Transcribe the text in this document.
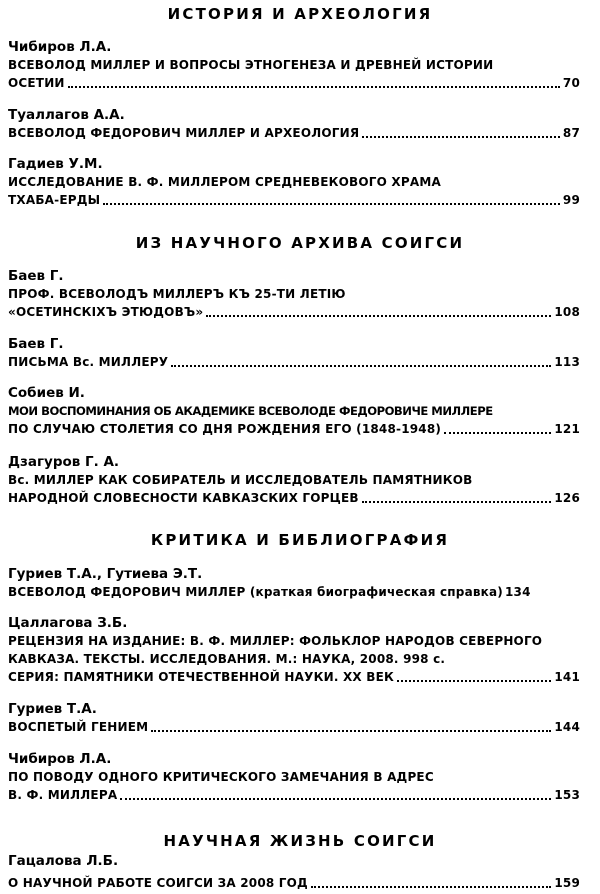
ИСТОРИЯ И АРХЕОЛОГИЯ
Чибиров Л.А.
ВСЕВОЛОД МИЛЛЕР И ВОПРОСЫ ЭТНОГЕНЕЗА И ДРЕВНЕЙ ИСТОРИИ
ОСЕТИИ	70
Туаллагов А.А.
ВСЕВОЛОД ФЕДОРОВИЧ МИЛЛЕР И АРХЕОЛОГИЯ	87
Гадиев У.М.
ИССЛЕДОВАНИЕ В. Ф. МИЛЛЕРОМ СРЕДНЕВЕКОВОГО ХРАМА
ТХАБА-ЕРДЫ	99
ИЗ НАУЧНОГО АРХИВА СОИГСИ
Баев Г.
ПРОФ. ВСЕВОЛОДЪ МИЛЛЕРЪ КЪ 25-ТИ ЛЕТIЮ
«ОСЕТИНСКIХЪ ЭТЮДОВЪ»	108
Баев Г.
ПИСЬМА Вс. МИЛЛЕРУ	113
Собиев И.
МОИ ВОСПОМИНАНИЯ ОБ АКАДЕМИКЕ ВСЕВОЛОДЕ ФЕДОРОВИЧЕ МИЛЛЕРЕ
ПО СЛУЧАЮ СТОЛЕТИЯ СО ДНЯ РОЖДЕНИЯ ЕГО (1848-1948)	121
Дзагуров Г. А.
Вс. МИЛЛЕР КАК СОБИРАТЕЛЬ И ИССЛЕДОВАТЕЛЬ ПАМЯТНИКОВ
НАРОДНОЙ СЛОВЕСНОСТИ КАВКАЗСКИХ ГОРЦЕВ	126
КРИТИКА И БИБЛИОГРАФИЯ
Гуриев Т.А., Гутиева Э.Т.
ВСЕВОЛОД ФЕДОРОВИЧ МИЛЛЕР (краткая биографическая справка) 134
Цаллагова З.Б.
РЕЦЕНЗИЯ НА ИЗДАНИЕ: В. Ф. МИЛЛЕР: ФОЛЬКЛОР НАРОДОВ СЕВЕРНОГО
КАВКАЗА. ТЕКСТЫ. ИССЛЕДОВАНИЯ. М.: НАУКА, 2008. 998 с.
СЕРИЯ: ПАМЯТНИКИ ОТЕЧЕСТВЕННОЙ НАУКИ. XX ВЕК	141
Гуриев Т.А.
ВОСПЕТЫЙ ГЕНИЕМ	144
Чибиров Л.А.
ПО ПОВОДУ ОДНОГО КРИТИЧЕСКОГО ЗАМЕЧАНИЯ В АДРЕС
В. Ф. МИЛЛЕРА	153
НАУЧНАЯ ЖИЗНЬ СОИГСИ
Гацалова Л.Б.
О НАУЧНОЙ РАБОТЕ СОИГСИ ЗА 2008 ГОД	159
